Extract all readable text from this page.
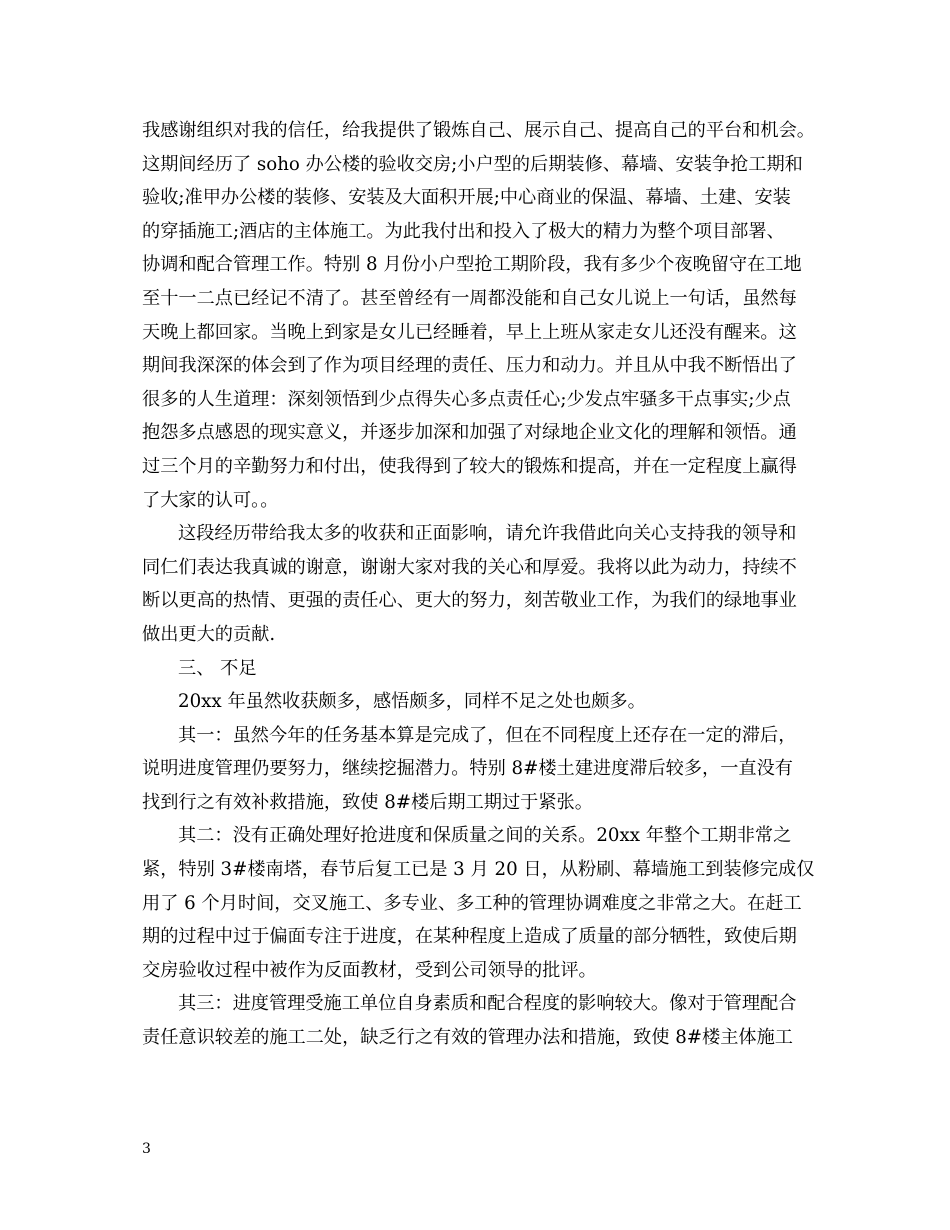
我感谢组织对我的信任，给我提供了锻炼自己、展示自己、提高自己的平台和机会。
这期间经历了 soho 办公楼的验收交房;小户型的后期装修、幕墙、安装争抢工期和
验收;准甲办公楼的装修、安装及大面积开展;中心商业的保温、幕墙、土建、安装
的穿插施工;酒店的主体施工。为此我付出和投入了极大的精力为整个项目部署、
协调和配合管理工作。特别 8 月份小户型抢工期阶段，我有多少个夜晚留守在工地
至十一二点已经记不清了。甚至曾经有一周都没能和自己女儿说上一句话，虽然每
天晚上都回家。当晚上到家是女儿已经睡着，早上上班从家走女儿还没有醒来。这
期间我深深的体会到了作为项目经理的责任、压力和动力。并且从中我不断悟出了
很多的人生道理：深刻领悟到少点得失心多点责任心;少发点牢骚多干点事实;少点
抱怨多点感恩的现实意义，并逐步加深和加强了对绿地企业文化的理解和领悟。通
过三个月的辛勤努力和付出，使我得到了较大的锻炼和提高，并在一定程度上赢得
了大家的认可。。
这段经历带给我太多的收获和正面影响，请允许我借此向关心支持我的领导和
同仁们表达我真诚的谢意，谢谢大家对我的关心和厚爱。我将以此为动力，持续不
断以更高的热情、更强的责任心、更大的努力，刻苦敬业工作，为我们的绿地事业
做出更大的贡献.
三、 不足
20xx 年虽然收获颇多，感悟颇多，同样不足之处也颇多。
其一：虽然今年的任务基本算是完成了，但在不同程度上还存在一定的滞后，
说明进度管理仍要努力，继续挖掘潜力。特别 8#楼土建进度滞后较多，一直没有
找到行之有效补救措施，致使 8#楼后期工期过于紧张。
其二：没有正确处理好抢进度和保质量之间的关系。20xx 年整个工期非常之
紧，特别 3#楼南塔，春节后复工已是 3 月 20 日，从粉刷、幕墙施工到装修完成仅
用了 6 个月时间，交叉施工、多专业、多工种的管理协调难度之非常之大。在赶工
期的过程中过于偏面专注于进度，在某种程度上造成了质量的部分牺牲，致使后期
交房验收过程中被作为反面教材，受到公司领导的批评。
其三：进度管理受施工单位自身素质和配合程度的影响较大。像对于管理配合
责任意识较差的施工二处，缺乏行之有效的管理办法和措施，致使 8#楼主体施工
3
